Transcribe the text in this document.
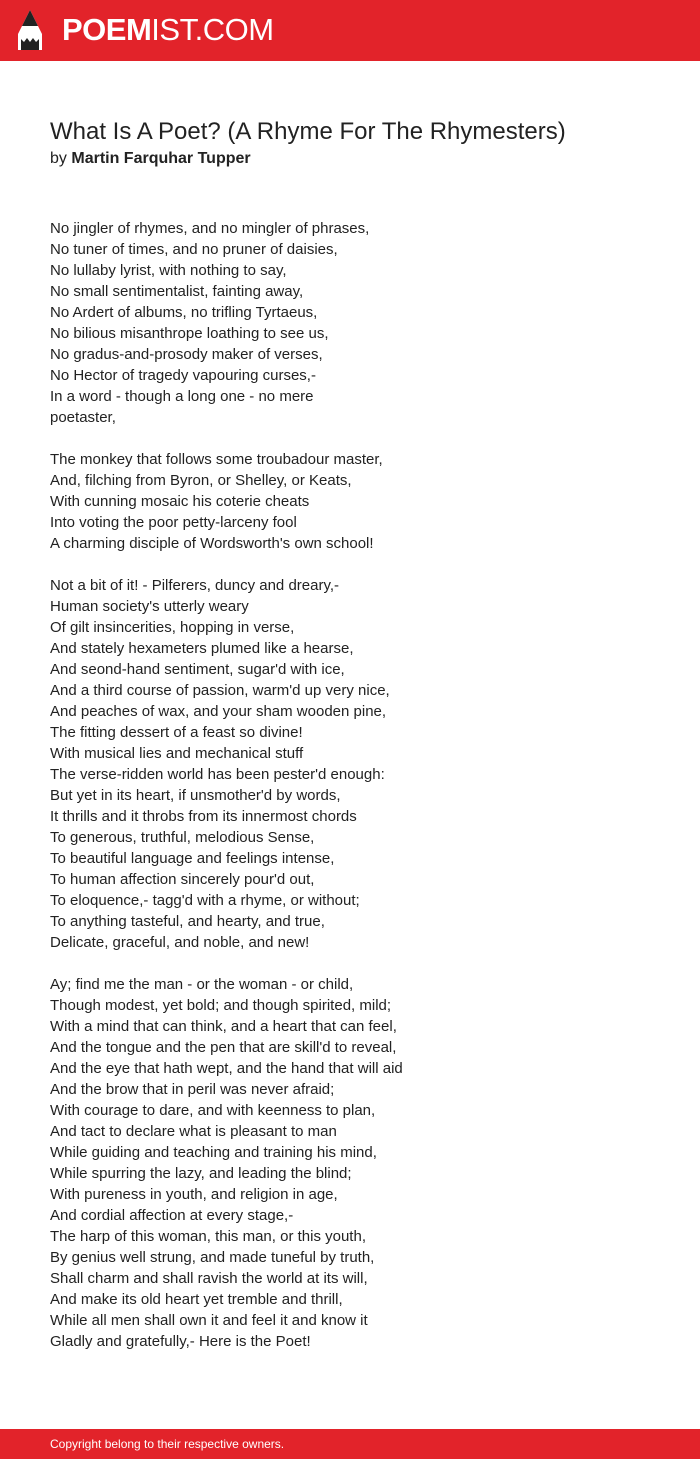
POEMIST.COM
What Is A Poet? (A Rhyme For The Rhymesters)
by Martin Farquhar Tupper
No jingler of rhymes, and no mingler of phrases,
No tuner of times, and no pruner of daisies,
No lullaby lyrist, with nothing to say,
No small sentimentalist, fainting away,
No Ardert of albums, no trifling Tyrtaeus,
No bilious misanthrope loathing to see us,
No gradus-and-prosody maker of verses,
No Hector of tragedy vapouring curses,-
In a word - though a long one - no mere
poetaster,
The monkey that follows some troubadour master,
And, filching from Byron, or Shelley, or Keats,
With cunning mosaic his coterie cheats
Into voting the poor petty-larceny fool
A charming disciple of Wordsworth's own school!
Not a bit of it! - Pilferers, duncy and dreary,-
Human society's utterly weary
Of gilt insincerities, hopping in verse,
And stately hexameters plumed like a hearse,
And seond-hand sentiment, sugar'd with ice,
And a third course of passion, warm'd up very nice,
And peaches of wax, and your sham wooden pine,
The fitting dessert of a feast so divine!
With musical lies and mechanical stuff
The verse-ridden world has been pester'd enough:
But yet in its heart, if unsmother'd by words,
It thrills and it throbs from its innermost chords
To generous, truthful, melodious Sense,
To beautiful language and feelings intense,
To human affection sincerely pour'd out,
To eloquence,- tagg'd with a rhyme, or without;
To anything tasteful, and hearty, and true,
Delicate, graceful, and noble, and new!
Ay; find me the man - or the woman - or child,
Though modest, yet bold; and though spirited, mild;
With a mind that can think, and a heart that can feel,
And the tongue and the pen that are skill'd to reveal,
And the eye that hath wept, and the hand that will aid
And the brow that in peril was never afraid;
With courage to dare, and with keenness to plan,
And tact to declare what is pleasant to man
While guiding and teaching and training his mind,
While spurring the lazy, and leading the blind;
With pureness in youth, and religion in age,
And cordial affection at every stage,-
The harp of this woman, this man, or this youth,
By genius well strung, and made tuneful by truth,
Shall charm and shall ravish the world at its will,
And make its old heart yet tremble and thrill,
While all men shall own it and feel it and know it
Gladly and gratefully,- Here is the Poet!
Copyright belong to their respective owners.
